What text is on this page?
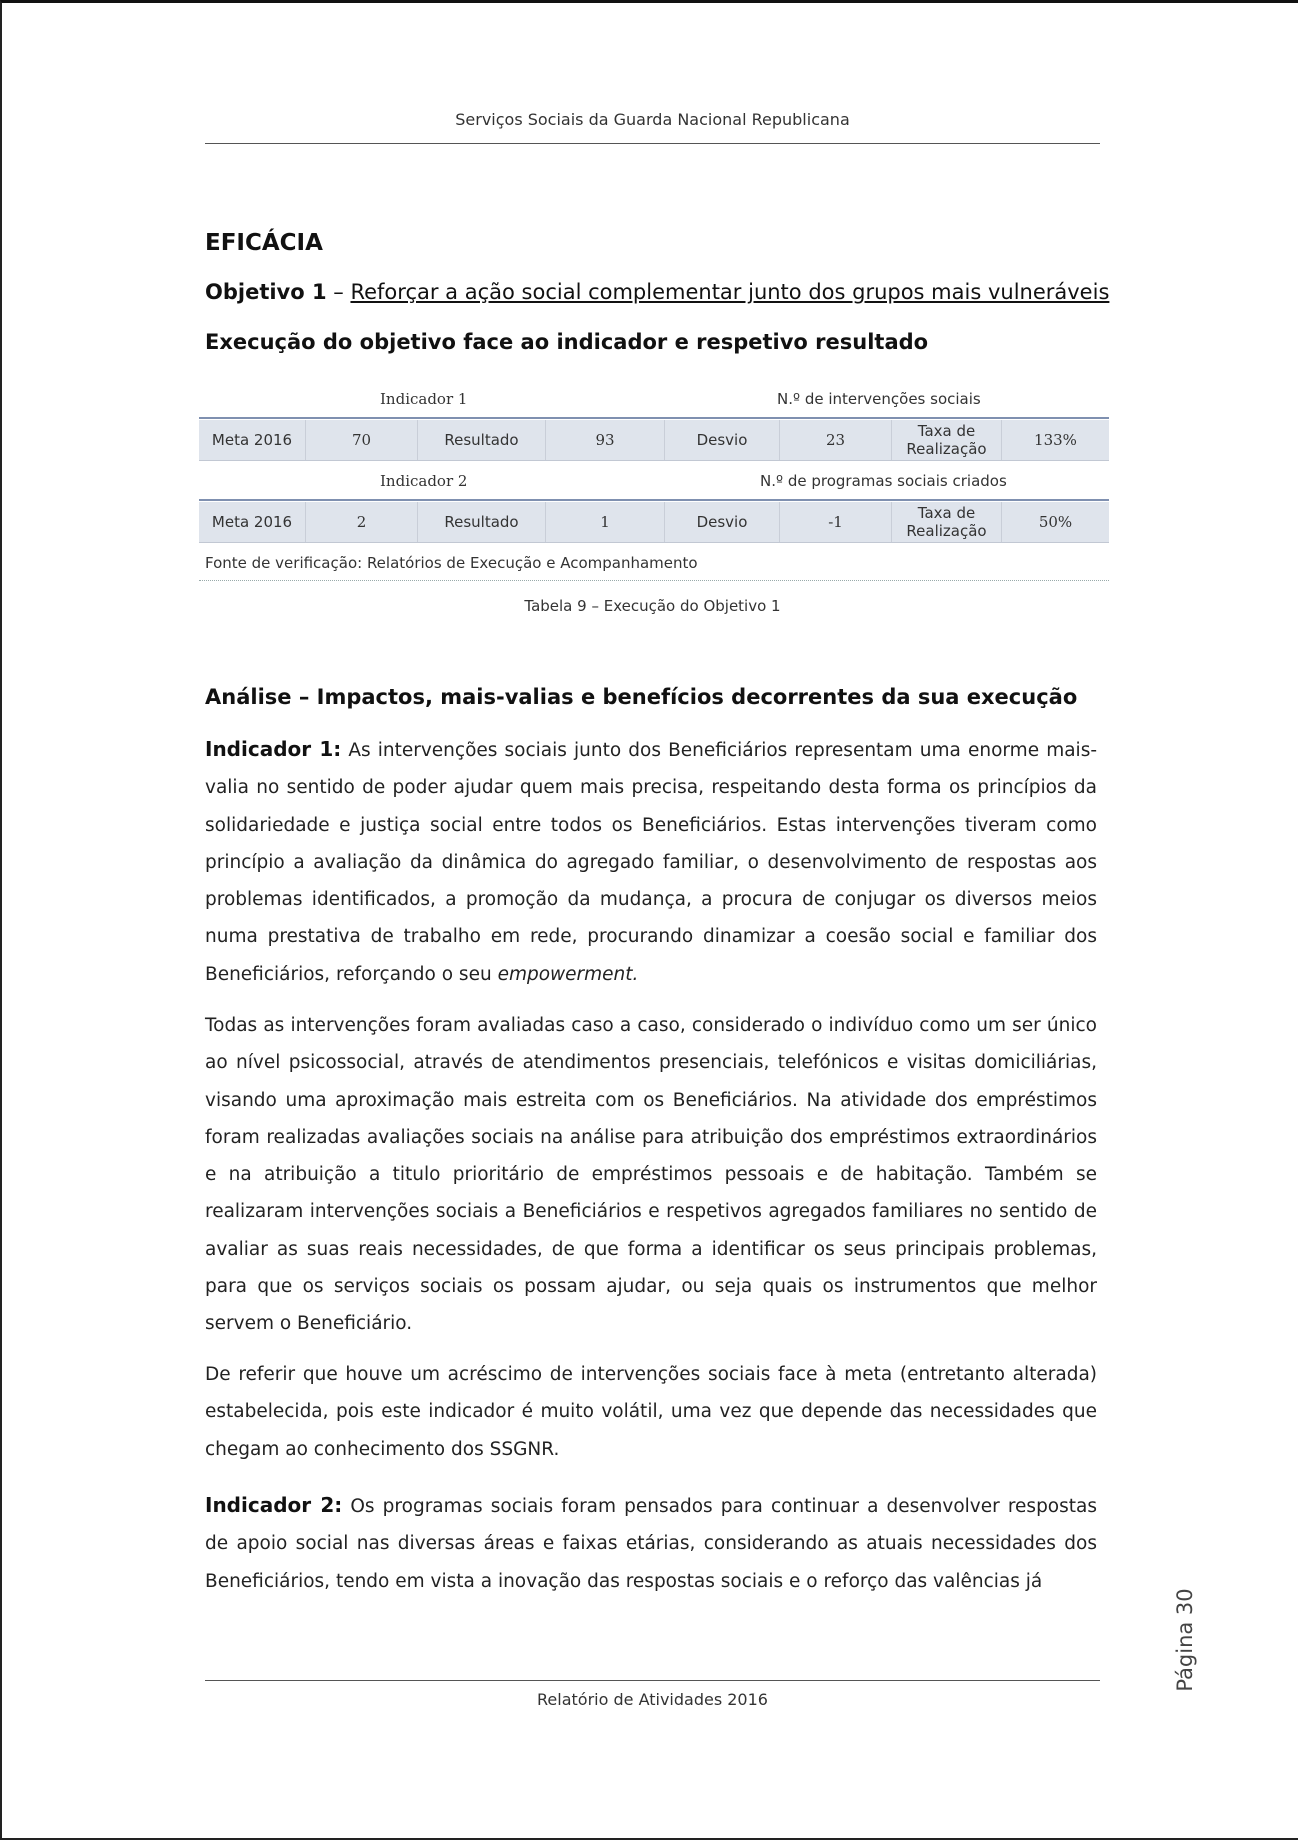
Serviços Sociais da Guarda Nacional Republicana
EFICÁCIA
Objetivo 1 – Reforçar a ação social complementar junto dos grupos mais vulneráveis
Execução do objetivo face ao indicador e respetivo resultado
Indicador 1	N.º de intervenções sociais
Meta 2016	70	Resultado	93	Desvio	23	Taxa de
Realização	133%
Indicador 2	N.º de programas sociais criados
Meta 2016	2	Resultado	1	Desvio	-1	Taxa de
Realização	50%
Fonte de verificação: Relatórios de Execução e Acompanhamento
Tabela 9 – Execução do Objetivo 1
Análise – Impactos, mais-valias e benefícios decorrentes da sua execução

Indicador 1: As intervenções sociais junto dos Beneficiários representam uma enorme mais-valia no sentido de poder ajudar quem mais precisa, respeitando desta forma os princípios da solidariedade e justiça social entre todos os Beneficiários. Estas intervenções tiveram como princípio a avaliação da dinâmica do agregado familiar, o desenvolvimento de respostas aos problemas identificados, a promoção da mudança, a procura de conjugar os diversos meios numa prestativa de trabalho em rede, procurando dinamizar a coesão social e familiar dos Beneficiários, reforçando o seu empowerment.

Todas as intervenções foram avaliadas caso a caso, considerado o indivíduo como um ser único ao nível psicossocial, através de atendimentos presenciais, telefónicos e visitas domiciliárias, visando uma aproximação mais estreita com os Beneficiários. Na atividade dos empréstimos foram realizadas avaliações sociais na análise para atribuição dos empréstimos extraordinários e na atribuição a titulo prioritário de empréstimos pessoais e de habitação. Também se realizaram intervenções sociais a Beneficiários e respetivos agregados familiares no sentido de avaliar as suas reais necessidades, de que forma a identificar os seus principais problemas, para que os serviços sociais os possam ajudar, ou seja quais os instrumentos que melhor servem o Beneficiário.

De referir que houve um acréscimo de intervenções sociais face à meta (entretanto alterada) estabelecida, pois este indicador é muito volátil, uma vez que depende das necessidades que chegam ao conhecimento dos SSGNR.

Indicador 2: Os programas sociais foram pensados para continuar a desenvolver respostas de apoio social nas diversas áreas e faixas etárias, considerando as atuais necessidades dos Beneficiários, tendo em vista a inovação das respostas sociais e o reforço das valências já

Página 30
Relatório de Atividades 2016
